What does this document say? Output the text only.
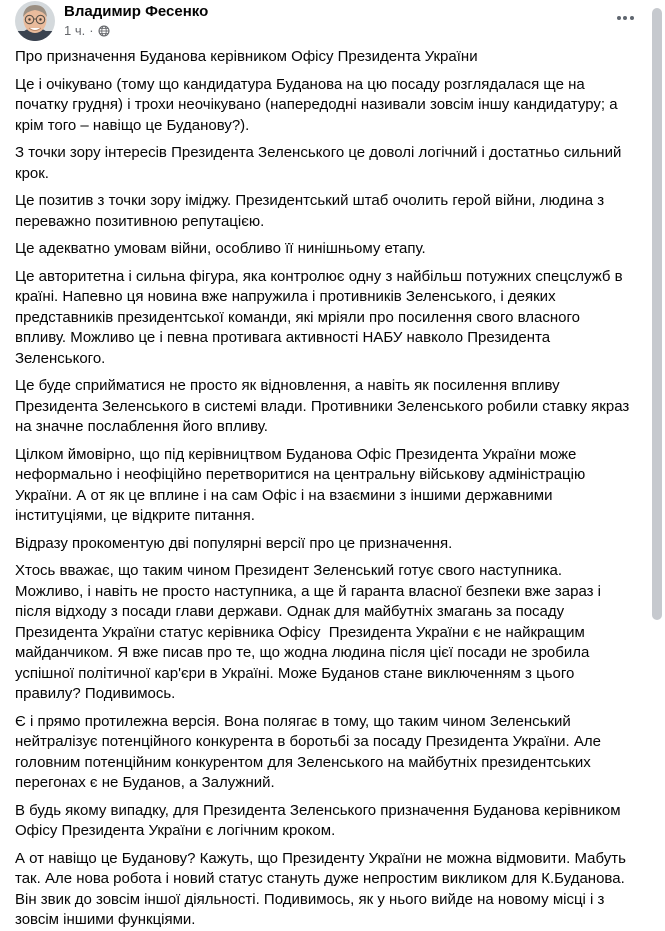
Владимир Фесенко
1 ч. ·

Про призначення Буданова керівником Офісу Президента України

Це і очікувано (тому що кандидатура Буданова на цю посаду розглядалася ще на початку грудня) і трохи неочікувано (напередодні називали зовсім іншу кандидатуру; а крім того – навіщо це Буданову?).

З точки зору інтересів Президента Зеленського це доволі логічний і достатньо сильний крок.

Це позитив з точки зору іміджу. Президентський штаб очолить герой війни, людина з переважно позитивною репутацією.

Це адекватно умовам війни, особливо її нинішньому етапу.

Це авторитетна і сильна фігура, яка контролює одну з найбільш потужних спецслужб в країні. Напевно ця новина вже напружила і противників Зеленського, і деяких представників президентської команди, які мріяли про посилення свого власного впливу. Можливо це і певна противага активності НАБУ навколо Президента Зеленського.

Це буде сприйматися не просто як відновлення, а навіть як посилення впливу Президента Зеленського в системі влади. Противники Зеленського робили ставку якраз на значне послаблення його впливу.

Цілком ймовірно, що під керівництвом Буданова Офіс Президента України може неформально і неофіційно перетворитися на центральну військову адміністрацію України. А от як це вплине і на сам Офіс і на взаємини з іншими державними інституціями, це відкрите питання.

Відразу прокоментую дві популярні версії про це призначення.

Хтось вважає, що таким чином Президент Зеленський готує свого наступника. Можливо, і навіть не просто наступника, а ще й гаранта власної безпеки вже зараз і після відходу з посади глави держави. Однак для майбутніх змагань за посаду Президента України статус керівника Офісу  Президента України є не найкращим майданчиком. Я вже писав про те, що жодна людина після цієї посади не зробила успішної політичної кар'єри в Україні. Може Буданов стане виключенням з цього правилу? Подивимось.

Є і прямо протилежна версія. Вона полягає в тому, що таким чином Зеленський нейтралізує потенційного конкурента в боротьбі за посаду Президента України. Але головним потенційним конкурентом для Зеленського на майбутніх президентських перегонах є не Буданов, а Залужний.

В будь якому випадку, для Президента Зеленського призначення Буданова керівником Офісу Президента України є логічним кроком.

А от навіщо це Буданову? Кажуть, що Президенту України не можна відмовити. Мабуть так. Але нова робота і новий статус стануть дуже непростим викликом для К.Буданова. Він звик до зовсім іншої діяльності. Подивимось, як у нього вийде на новому місці і з зовсім іншими функціями.
